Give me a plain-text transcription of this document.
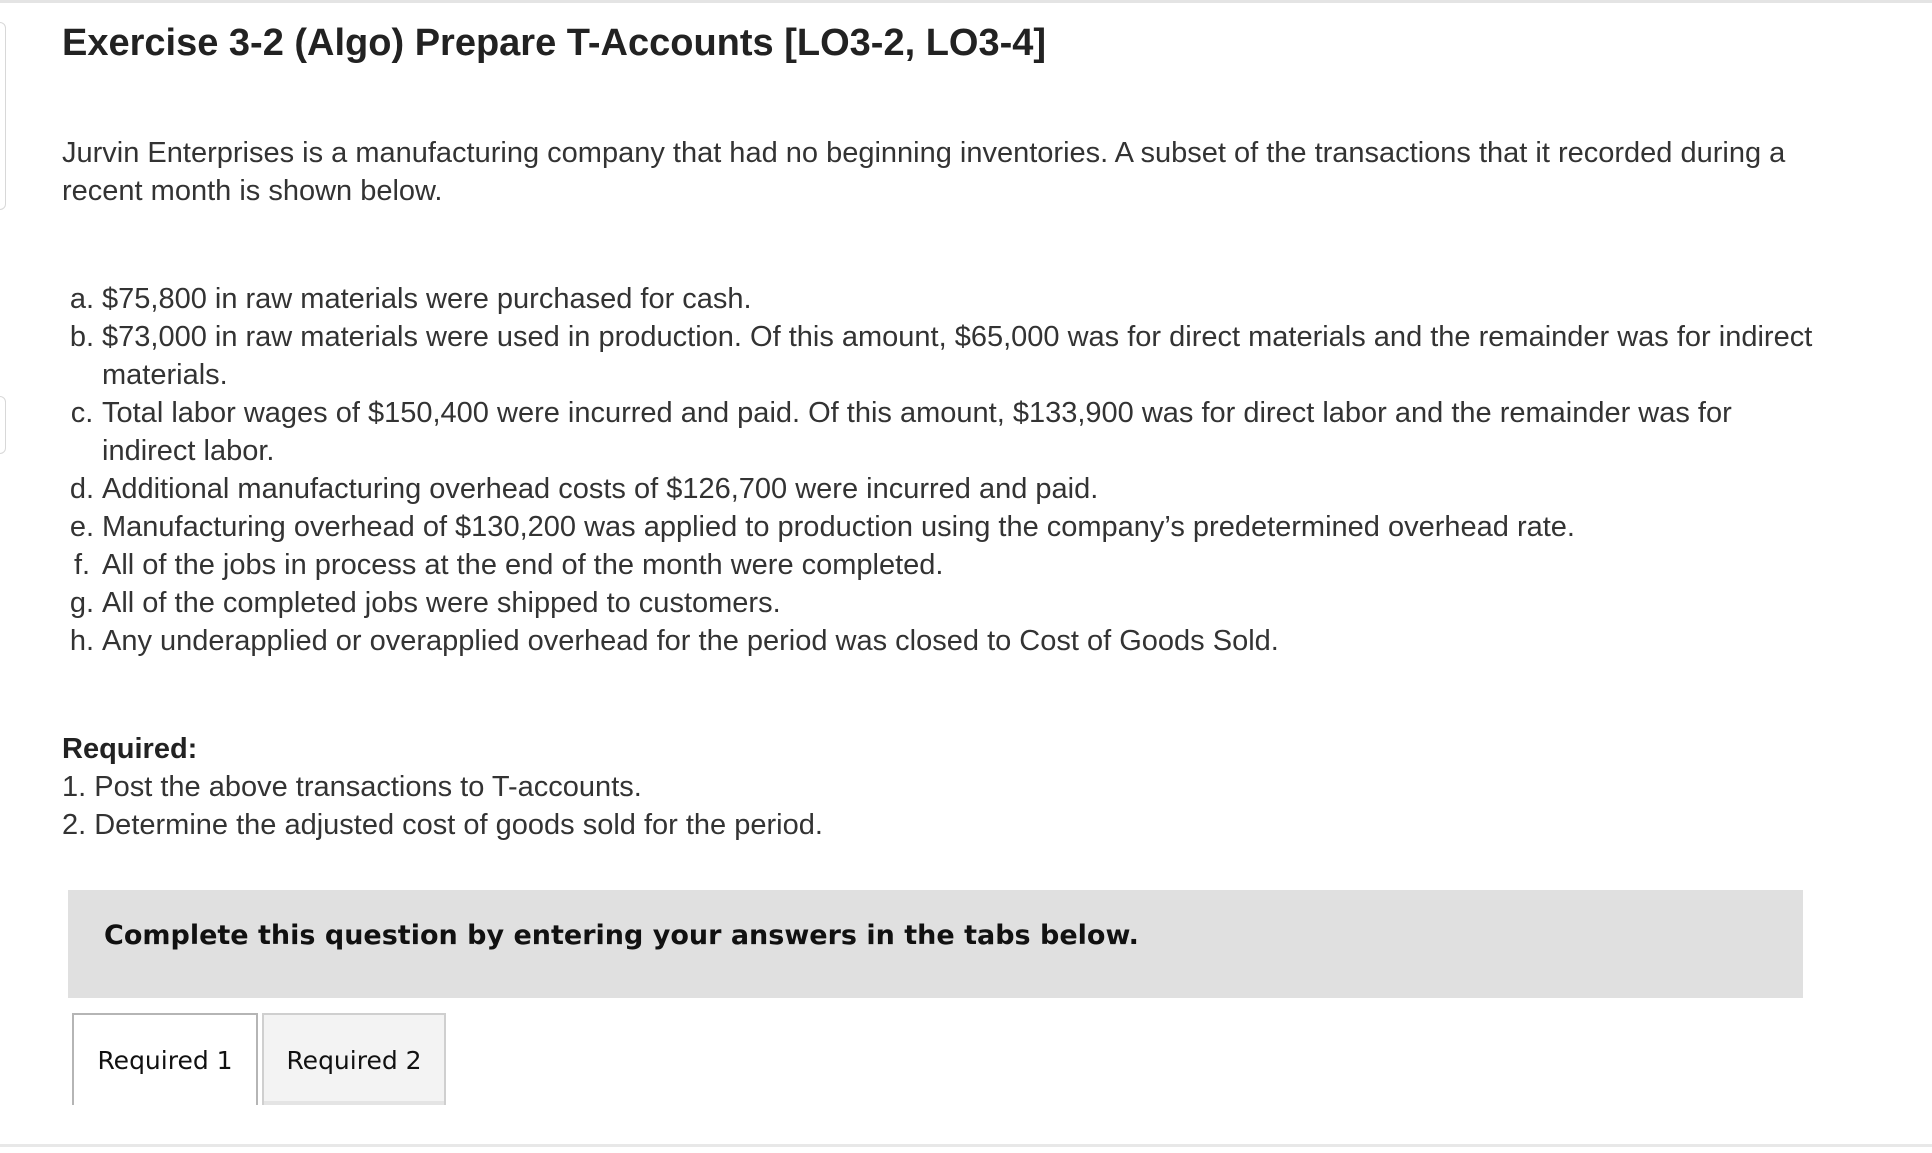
Exercise 3-2 (Algo) Prepare T-Accounts [LO3-2, LO3-4]

Jurvin Enterprises is a manufacturing company that had no beginning inventories. A subset of the transactions that it recorded during a recent month is shown below.

a. $75,800 in raw materials were purchased for cash.
b. $73,000 in raw materials were used in production. Of this amount, $65,000 was for direct materials and the remainder was for indirect materials.
c. Total labor wages of $150,400 were incurred and paid. Of this amount, $133,900 was for direct labor and the remainder was for indirect labor.
d. Additional manufacturing overhead costs of $126,700 were incurred and paid.
e. Manufacturing overhead of $130,200 was applied to production using the company’s predetermined overhead rate.
f. All of the jobs in process at the end of the month were completed.
g. All of the completed jobs were shipped to customers.
h. Any underapplied or overapplied overhead for the period was closed to Cost of Goods Sold.
Required:
1. Post the above transactions to T-accounts.
2. Determine the adjusted cost of goods sold for the period.
Complete this question by entering your answers in the tabs below.
Required 1 Required 2
